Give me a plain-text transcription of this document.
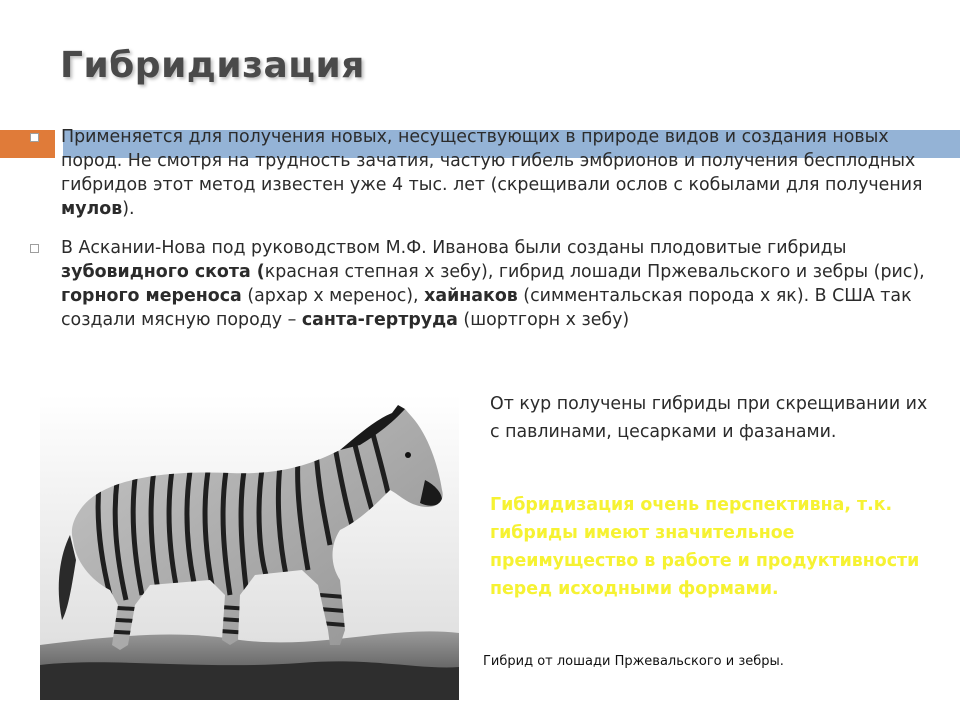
Гибридизация
Применяется для получения новых, несуществующих в природе видов и создания новых пород. Не смотря на трудность зачатия, частую гибель эмбрионов и получения бесплодных гибридов этот метод известен уже 4 тыс. лет (скрещивали ослов с кобылами для получения мулов).
В Аскании-Нова под руководством М.Ф. Иванова были созданы плодовитые гибриды зубовидного скота (красная степная х зебу), гибрид лошади Пржевальского и зебры (рис), горного мереноса (архар х меренос), хайнаков (симментальская порода х як). В США так создали мясную породу – санта-гертруда (шортгорн х зебу)
От кур получены гибриды при скрещивании их с павлинами, цесарками и фазанами.
Гибридизация очень перспективна, т.к. гибриды имеют значительное преимущество в работе и продуктивности перед исходными формами.
Гибрид от лошади Пржевальского и зебры.
